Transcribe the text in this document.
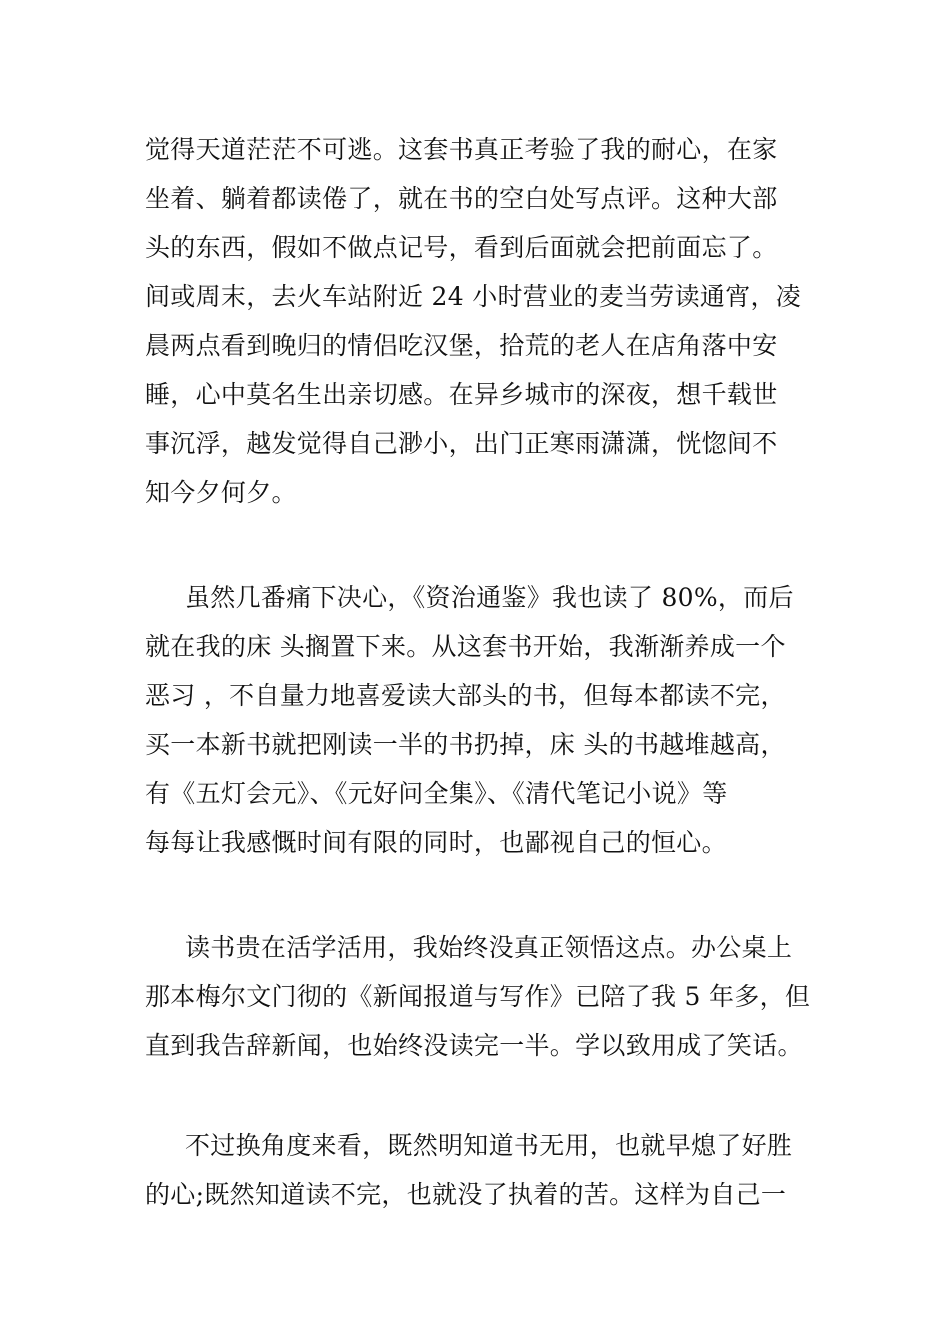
觉得天道茫茫不可逃。这套书真正考验了我的耐心，在家
坐着、躺着都读倦了，就在书的空白处写点评。这种大部
头的东西，假如不做点记号，看到后面就会把前面忘了。
间或周末，去火车站附近 24 小时营业的麦当劳读通宵，凌
晨两点看到晚归的情侣吃汉堡，拾荒的老人在店角落中安
睡，心中莫名生出亲切感。在异乡城市的深夜，想千载世
事沉浮，越发觉得自己渺小，出门正寒雨潇潇，恍惚间不
知今夕何夕。
虽然几番痛下决心，《资治通鉴》我也读了 80%，而后
就在我的床 头搁置下来。从这套书开始，我渐渐养成一个
恶习 ，不自量力地喜爱读大部头的书，但每本都读不完，
买一本新书就把刚读一半的书扔掉，床 头的书越堆越高，
有《五灯会元》、《元好问全集》、《清代笔记小说》等
每每让我感慨时间有限的同时，也鄙视自己的恒心。
读书贵在活学活用，我始终没真正领悟这点。办公桌上
那本梅尔文门彻的《新闻报道与写作》已陪了我 5 年多，但
直到我告辞新闻，也始终没读完一半。学以致用成了笑话。
不过换角度来看，既然明知道书无用，也就早熄了好胜
的心;既然知道读不完，也就没了执着的苦。这样为自己一
